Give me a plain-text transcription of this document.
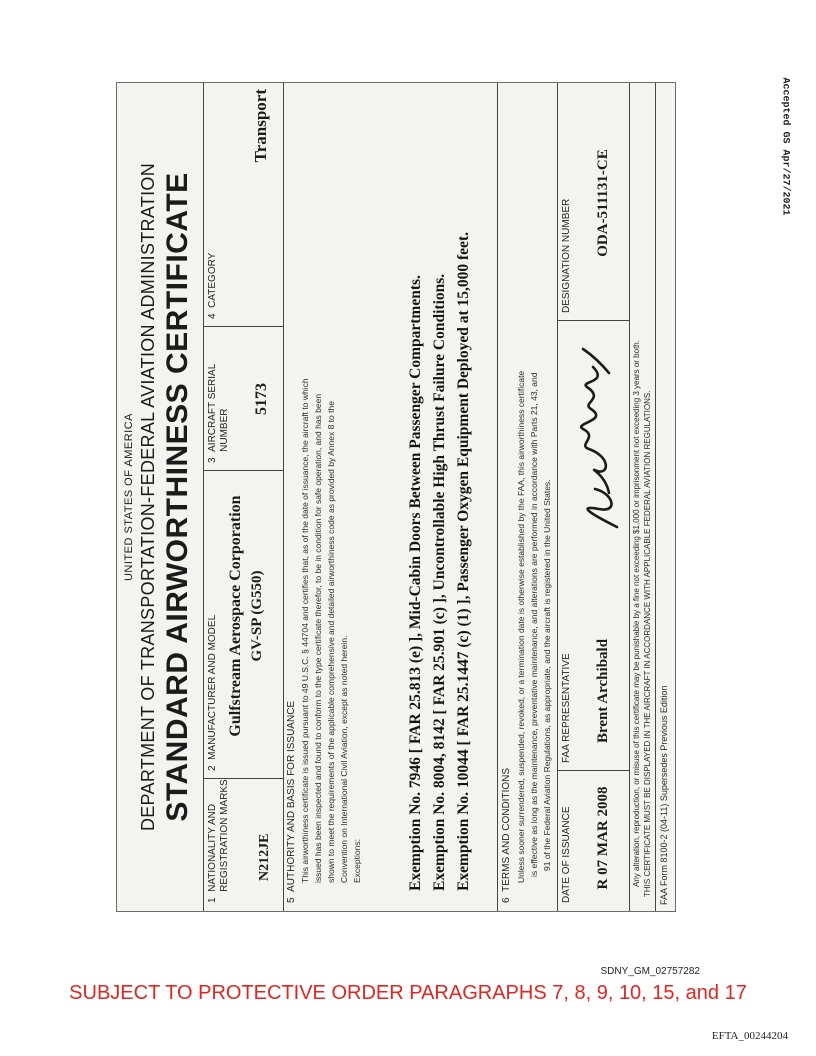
UNITED STATES OF AMERICA DEPARTMENT OF TRANSPORTATION-FEDERAL AVIATION ADMINISTRATION STANDARD AIRWORTHINESS CERTIFICATE
1  NATIONALITY AND
REGISTRATION MARKS N212JE
2  MANUFACTURER AND MODEL Gulfstream Aerospace Corporation GV-SP (G550)
3  AIRCRAFT SERIAL
NUMBER
5173
4  CATEGORY
Transport
5  AUTHORITY AND BASIS FOR ISSUANCE This airworthiness certificate is issued pursuant to 49 U.S.C. § 44704 and certifies that, as of the date of issuance, the aircraft to which issued has been inspected and found to conform to the type certificate therefor, to be in condition for safe operation, and has been shown to meet the requirements of the applicable comprehensive and detailed airworthiness code as provided by Annex 8 to the Convention on International Civil Aviation, except as noted herein. Exceptions:	Exemption No. 7946 [ FAR 25.813 (e) ], Mid-Cabin Doors Between Passenger Compartments. Exemption No. 8004, 8142 [ FAR 25.901 (c) ], Uncontrollable High Thrust Failure Conditions. Exemption No. 10044 [ FAR 25.1447 (c) (1) ], Passenger Oxygen Equipment Deployed at 15,000 feet.
6  TERMS AND CONDITIONS Unless sooner surrendered, suspended, revoked, or a termination date is otherwise established by the FAA, this airworthiness certificate is effective as long as the maintenance, preventative maintenance, and alterations are performed in accordance with Parts 21, 43, and 91 of the Federal Aviation Regulations, as appropriate, and the aircraft is registered in the United States. DATE OF ISSUANCE R 07 MAR 2008
FAA REPRESENTATIVE Brent Archibald
DESIGNATION NUMBER ODA-511131-CE
Any alteration, reproduction, or misuse of this certificate may be punishable by a fine not exceeding $1,000 or imprisonment not exceeding 3 years or both. THIS CERTIFICATE MUST BE DISPLAYED IN THE AIRCRAFT IN ACCORDANCE WITH APPLICABLE FEDERAL AVIATION REGULATIONS. FAA Form 8100-2 (04-11) Supersedes Previous Edition
Accepted GS Apr/27/2021
SDNY_GM_02757282
SUBJECT TO PROTECTIVE ORDER PARAGRAPHS 7, 8, 9, 10, 15, and 17
EFTA_00244204
